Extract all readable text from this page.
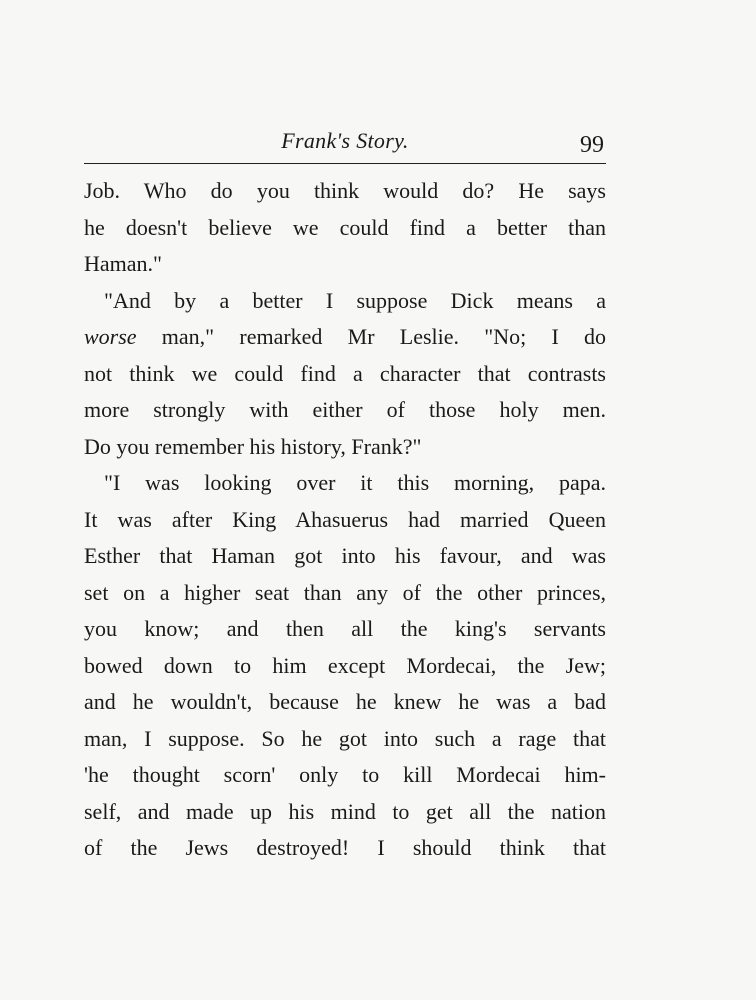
Frank's Story.	99
Job. Who do you think would do? He says
he doesn't believe we could find a better than
Haman."
"And by a better I suppose Dick means a
worse man," remarked Mr Leslie. "No; I do
not think we could find a character that contrasts
more strongly with either of those holy men.
Do you remember his history, Frank?"
"I was looking over it this morning, papa.
It was after King Ahasuerus had married Queen
Esther that Haman got into his favour, and was
set on a higher seat than any of the other princes,
you know; and then all the king's servants
bowed down to him except Mordecai, the Jew;
and he wouldn't, because he knew he was a bad
man, I suppose. So he got into such a rage that
'he thought scorn' only to kill Mordecai him-
self, and made up his mind to get all the nation
of the Jews destroyed! I should think that
